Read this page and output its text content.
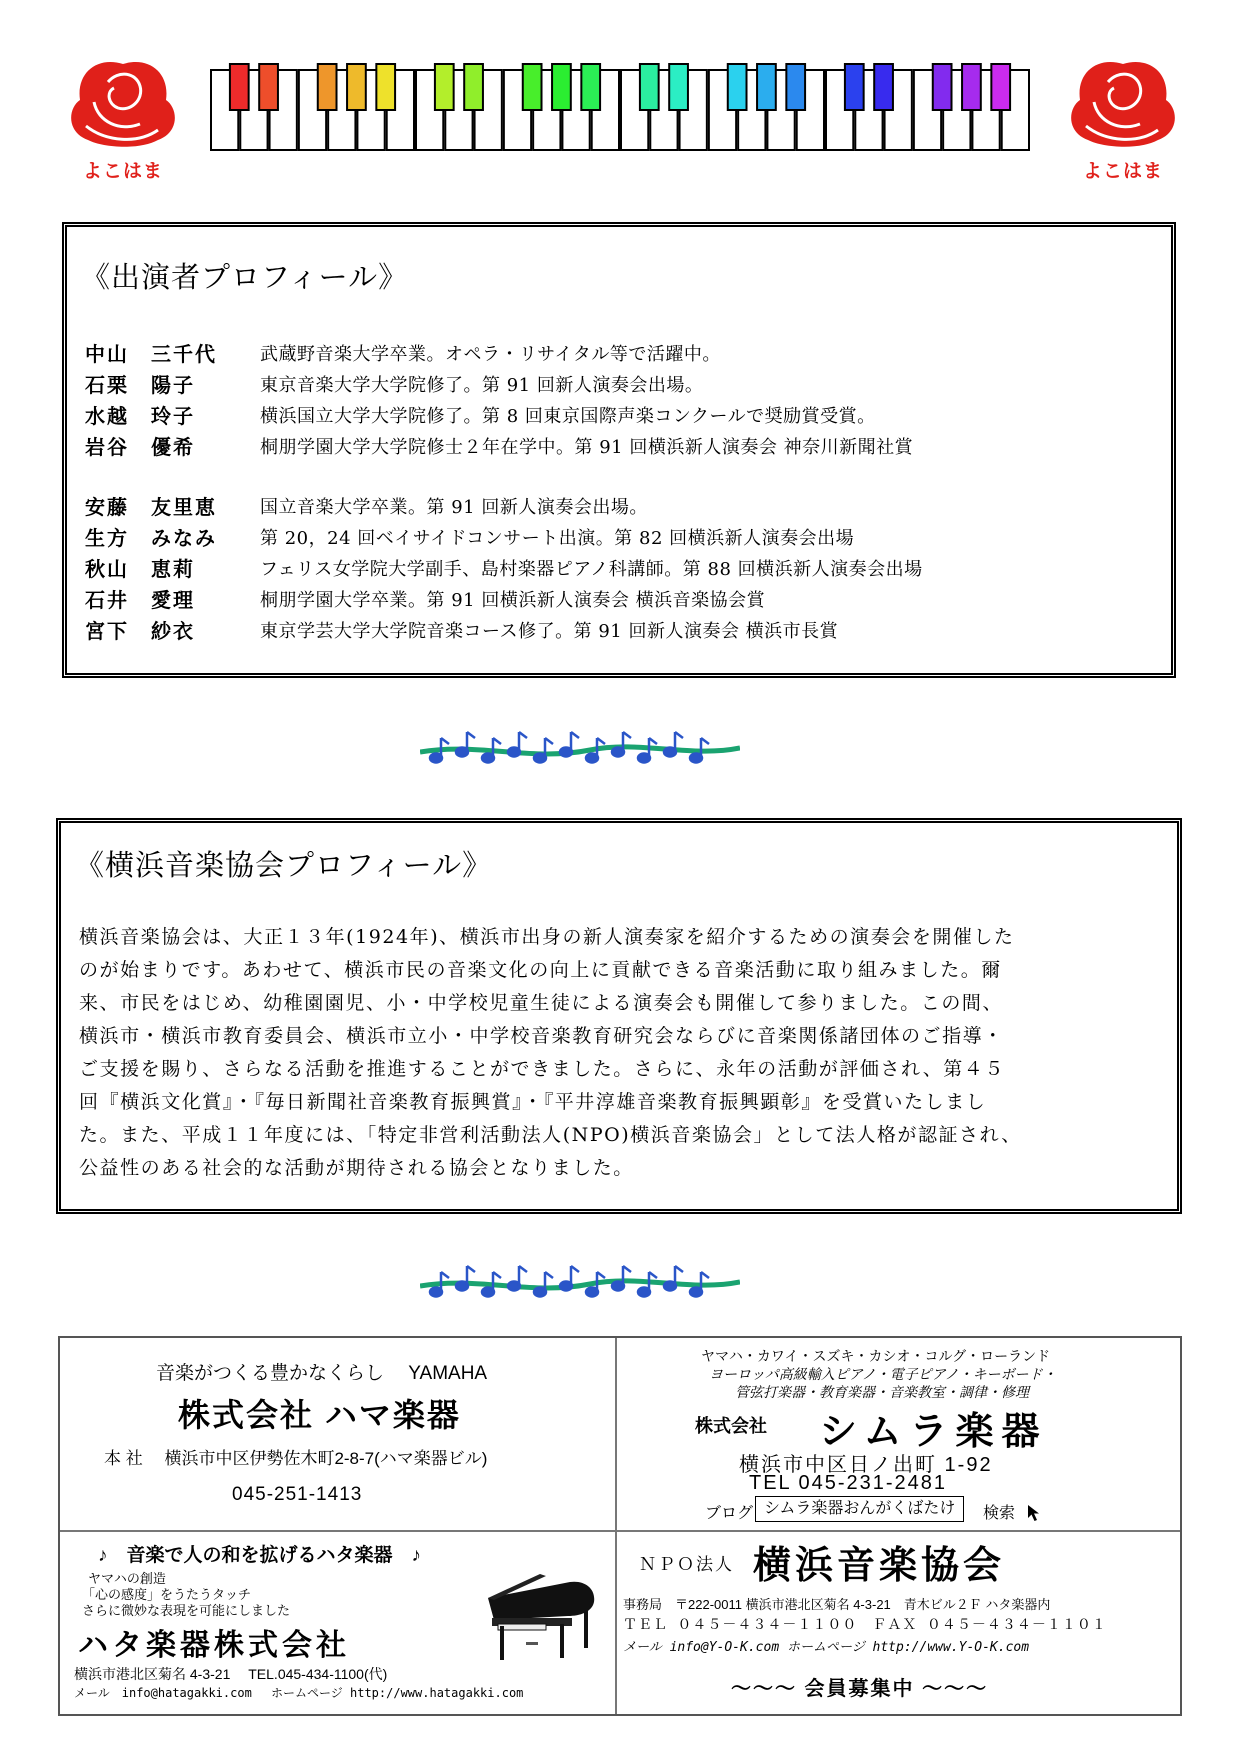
よこはま	よこはま
《出演者プロフィール》
中山　三千代	武蔵野音楽大学卒業。オペラ・リサイタル等で活躍中。
石栗　陽子	東京音楽大学大学院修了。第 91 回新人演奏会出場。
水越　玲子	横浜国立大学大学院修了。第 8 回東京国際声楽コンクールで奨励賞受賞。
岩谷　優希	桐朋学園大学大学院修士２年在学中。第 91 回横浜新人演奏会 神奈川新聞社賞
安藤　友里恵	国立音楽大学卒業。第 91 回新人演奏会出場。
生方　みなみ	第 20，24 回ベイサイドコンサート出演。第 82 回横浜新人演奏会出場
秋山　恵莉	フェリス女学院大学副手、島村楽器ピアノ科講師。第 88 回横浜新人演奏会出場
石井　愛理	桐朋学園大学卒業。第 91 回横浜新人演奏会 横浜音楽協会賞
宮下　紗衣	東京学芸大学大学院音楽コース修了。第 91 回新人演奏会 横浜市長賞
《横浜音楽協会プロフィール》
横浜音楽協会は、大正１３年(1924年)、横浜市出身の新人演奏家を紹介するための演奏会を開催した
のが始まりです。あわせて、横浜市民の音楽文化の向上に貢献できる音楽活動に取り組みました。爾
来、市民をはじめ、幼稚園園児、小・中学校児童生徒による演奏会も開催して参りました。この間、
横浜市・横浜市教育委員会、横浜市立小・中学校音楽教育研究会ならびに音楽関係諸団体のご指導・
ご支援を賜り、さらなる活動を推進することができました。さらに、永年の活動が評価され、第４５
回『横浜文化賞』・『毎日新聞社音楽教育振興賞』・『平井淳雄音楽教育振興顕彰』を受賞いたしまし
た。また、平成１１年度には、「特定非営利活動法人(NPO)横浜音楽協会」として法人格が認証され、
公益性のある社会的な活動が期待される協会となりました。
音楽がつくる豊かなくらし　 YAMAHA
株式会社 ハマ楽器
本 社　 横浜市中区伊勢佐木町2-8-7(ハマ楽器ビル)
045-251-1413
ヤマハ・カワイ・スズキ・カシオ・コルグ・ローランド
ヨーロッパ高級輸入ピアノ・電子ピアノ・キーボード・
管弦打楽器・教育楽器・音楽教室・調律・修理
株式会社 シムラ楽器
横浜市中区日ノ出町 1-92
TEL 045-231-2481
ブログ シムラ楽器おんがくばたけ	検索
♪　音楽で人の和を拡げるハタ楽器　♪
ヤマハの創造
「心の感度」をうたうタッチ
さらに微妙な表現を可能にしました
ハタ楽器株式会社
横浜市港北区菊名 4-3-21　 TEL.045-434-1100(代)
メール　info@hatagakki.com　 ホームページ http://www.hatagakki.com
ＮＰＯ法人 横浜音楽協会
事務局　〒222-0011 横浜市港北区菊名 4-3-21　青木ビル２Ｆ ハタ楽器内
ＴＥＬ ０４５－４３４－１１００　ＦＡＸ ０４５－４３４－１１０１
メール info@Y-O-K.com ホームページ http://www.Y-O-K.com
～～～ 会員募集中 ～～～
